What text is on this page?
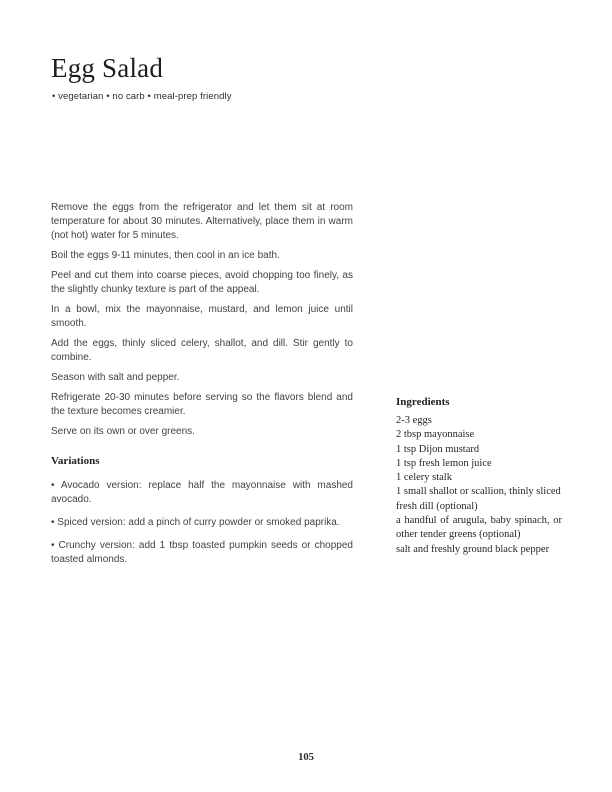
Egg Salad

• vegetarian • no carb • meal-prep friendly

Remove the eggs from the refrigerator and let them sit at room temperature for about 30 minutes. Alternatively, place them in warm (not hot) water for 5 minutes.

Boil the eggs 9-11 minutes, then cool in an ice bath.

Peel and cut them into coarse pieces, avoid chopping too finely, as the slightly chunky texture is part of the appeal.

In a bowl, mix the mayonnaise, mustard, and lemon juice until smooth.

Add the eggs, thinly sliced celery, shallot, and dill. Stir gently to combine.

Season with salt and pepper.

Refrigerate 20-30 minutes before serving so the flavors blend and the texture becomes creamier.

Serve on its own or over greens.

Variations

• Avocado version: replace half the mayonnaise with mashed avocado.

• Spiced version: add a pinch of curry powder or smoked paprika.

• Crunchy version: add 1 tbsp toasted pumpkin seeds or chopped toasted almonds.

Ingredients

2-3 eggs

2 tbsp mayonnaise

1 tsp Dijon mustard

1 tsp fresh lemon juice

1 celery stalk

1 small shallot or scallion, thinly sliced

fresh dill (optional)

a handful of arugula, baby spinach, or other tender greens (optional)

salt and freshly ground black pepper

105
